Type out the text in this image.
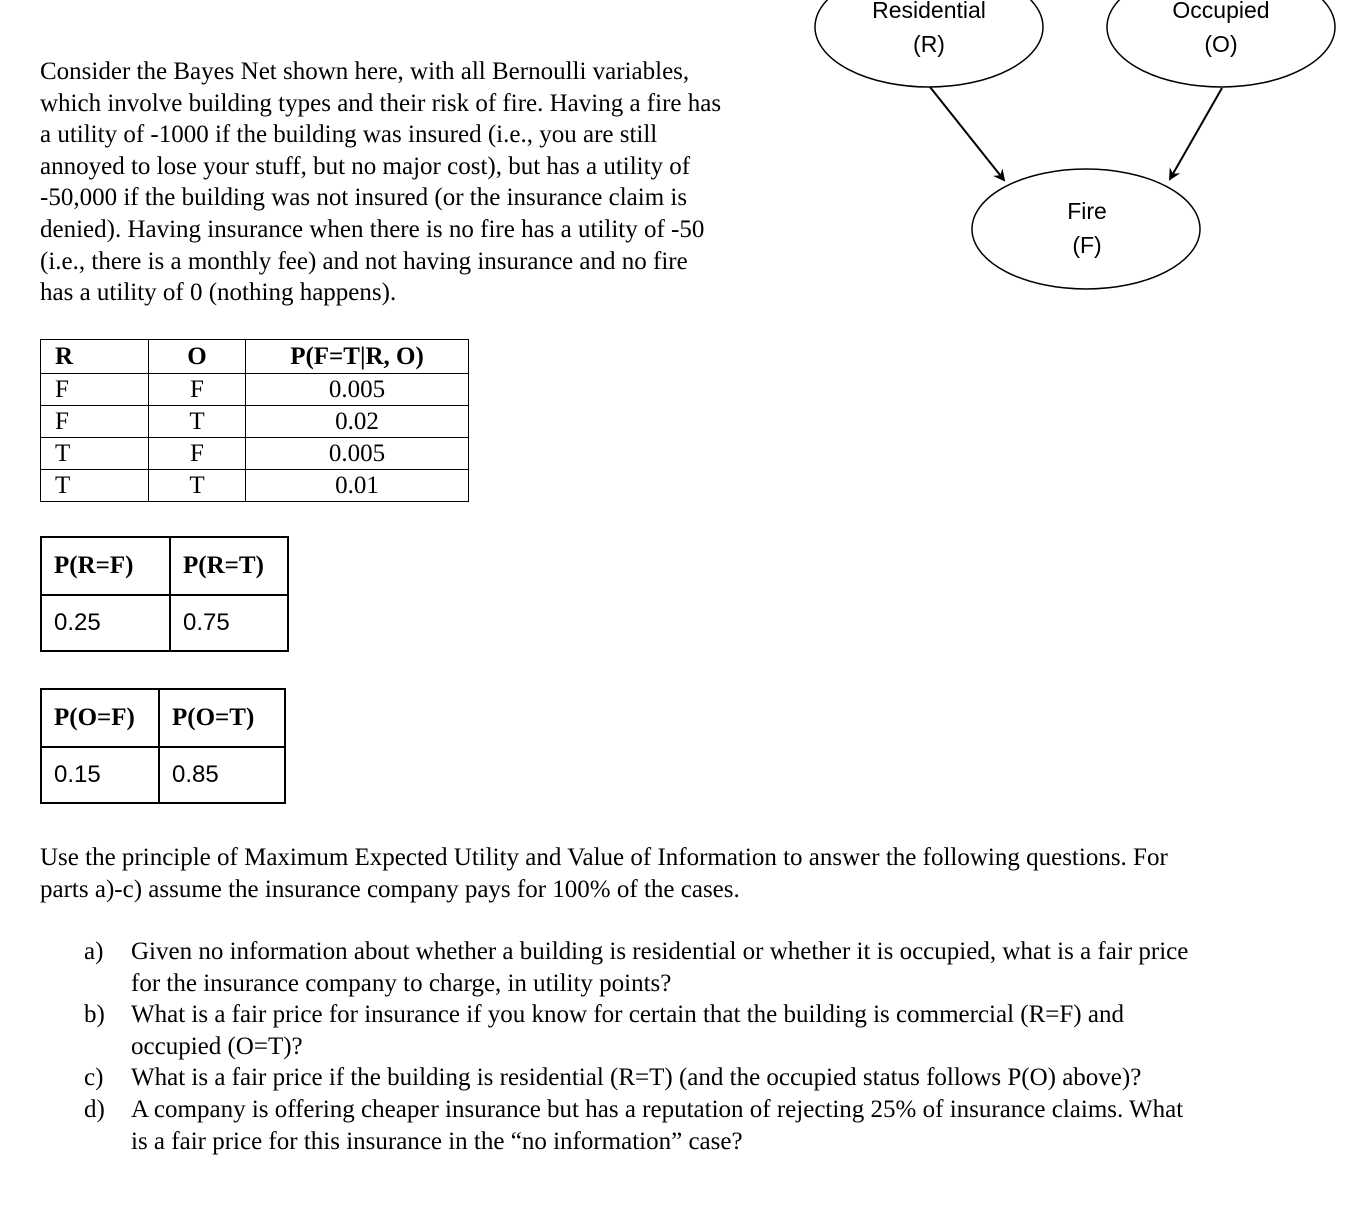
Consider the Bayes Net shown here, with all Bernoulli variables,
which involve building types and their risk of fire. Having a fire has
a utility of -1000 if the building was insured (i.e., you are still
annoyed to lose your stuff, but no major cost), but has a utility of
-50,000 if the building was not insured (or the insurance claim is
denied). Having insurance when there is no fire has a utility of -50
(i.e., there is a monthly fee) and not having insurance and no fire
has a utility of 0 (nothing happens).

Residential
(R)
Occupied
(O)
Fire
(F)
R	O	P(F=T|R, O)
F	F	0.005
F	T	0.02
T	F	0.005
T	T	0.01
P(R=F)	P(R=T)
0.25	0.75
P(O=F)	P(O=T)
0.15	0.85

Use the principle of Maximum Expected Utility and Value of Information to answer the following questions. For
parts a)-c) assume the insurance company pays for 100% of the cases.

a) Given no information about whether a building is residential or whether it is occupied, what is a fair price
for the insurance company to charge, in utility points?
b) What is a fair price for insurance if you know for certain that the building is commercial (R=F) and
occupied (O=T)?
c) What is a fair price if the building is residential (R=T) (and the occupied status follows P(O) above)?
d) A company is offering cheaper insurance but has a reputation of rejecting 25% of insurance claims. What
is a fair price for this insurance in the “no information” case?
